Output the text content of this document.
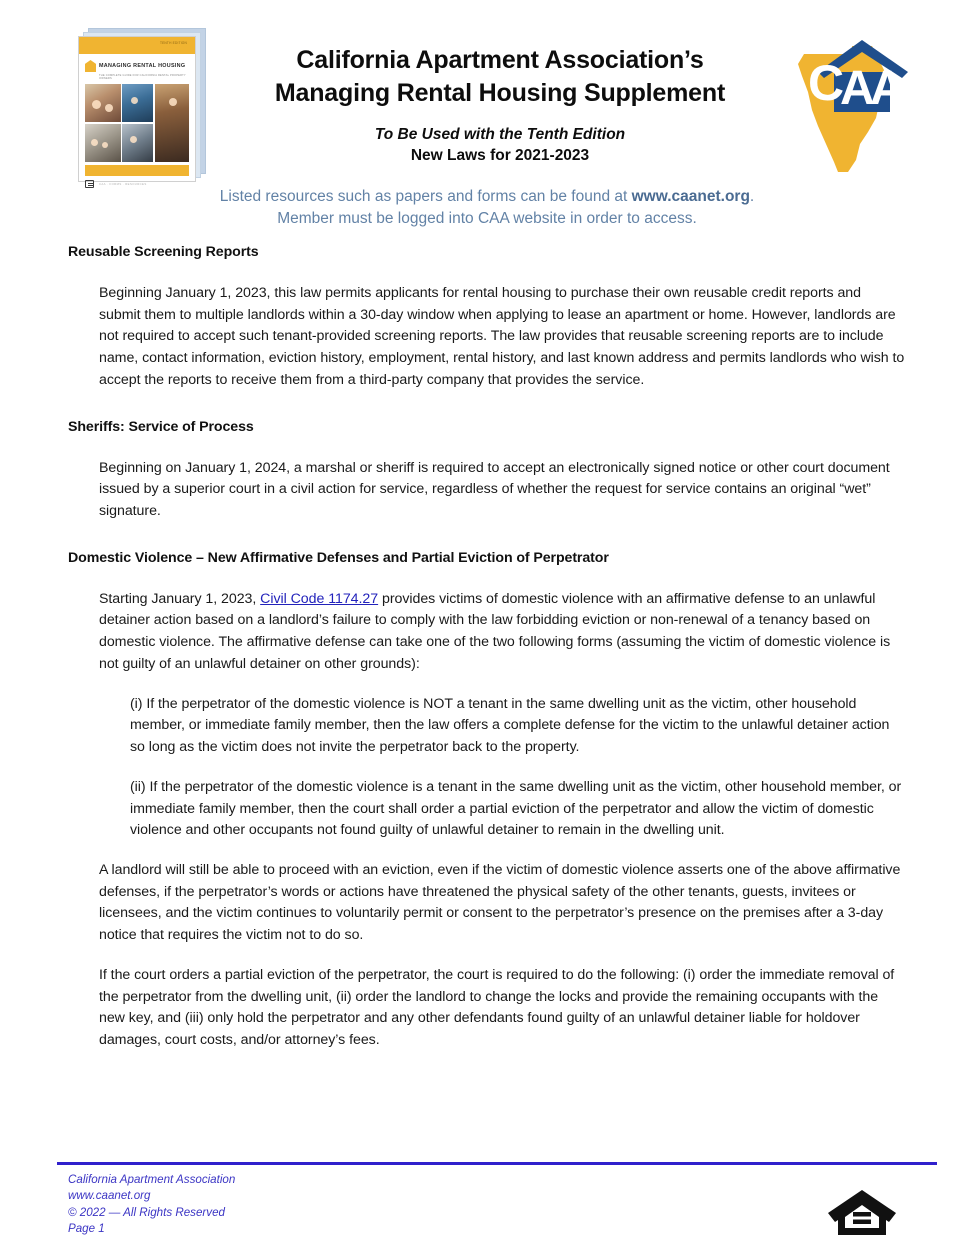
TENTH EDITION
MANAGING RENTAL HOUSING
THE COMPLETE GUIDE FOR CALIFORNIA RENTAL PROPERTY OWNERS
CAA · FORMS · RESOURCES
California Apartment Association’s
Managing Rental Housing Supplement
To Be Used with the Tenth Edition
New Laws for 2021-2023
C
A
A
Listed resources such as papers and forms can be found at www.caanet.org.
Member must be logged into CAA website in order to access.
Reusable Screening Reports

Beginning January 1, 2023, this law permits applicants for rental housing to purchase their own reusable credit reports and submit them to multiple landlords within a 30-day window when applying to lease an apartment or home. However, landlords are not required to accept such tenant-provided screening reports. The law provides that reusable screening reports are to include name, contact information, eviction history, employment, rental history, and last known address and permits landlords who wish to accept the reports to receive them from a third-party company that provides the service.

Sheriffs: Service of Process

Beginning on January 1, 2024, a marshal or sheriff is required to accept an electronically signed notice or other court document issued by a superior court in a civil action for service, regardless of whether the request for service contains an original “wet” signature.

Domestic Violence – New Affirmative Defenses and Partial Eviction of Perpetrator

Starting January 1, 2023, Civil Code 1174.27 provides victims of domestic violence with an affirmative defense to an unlawful detainer action based on a landlord’s failure to comply with the law forbidding eviction or non-renewal of a tenancy based on domestic violence. The affirmative defense can take one of the two following forms (assuming the victim of domestic violence is not guilty of an unlawful detainer on other grounds):

(i) If the perpetrator of the domestic violence is NOT a tenant in the same dwelling unit as the victim, other household member, or immediate family member, then the law offers a complete defense for the victim to the unlawful detainer action so long as the victim does not invite the perpetrator back to the property.

(ii) If the perpetrator of the domestic violence is a tenant in the same dwelling unit as the victim, other household member, or immediate family member, then the court shall order a partial eviction of the perpetrator and allow the victim of domestic violence and other occupants not found guilty of unlawful detainer to remain in the dwelling unit.

A landlord will still be able to proceed with an eviction, even if the victim of domestic violence asserts one of the above affirmative defenses, if the perpetrator’s words or actions have threatened the physical safety of the other tenants, guests, invitees or licensees, and the victim continues to voluntarily permit or consent to the perpetrator’s presence on the premises after a 3-day notice that requires the victim not to do so.

If the court orders a partial eviction of the perpetrator, the court is required to do the following: (i) order the immediate removal of the perpetrator from the dwelling unit, (ii) order the landlord to change the locks and provide the remaining occupants with the new key, and (iii) only hold the perpetrator and any other defendants found guilty of an unlawful detainer liable for holdover damages, court costs, and/or attorney’s fees.

California Apartment Association
www.caanet.org
© 2022 — All Rights Reserved
Page 1
